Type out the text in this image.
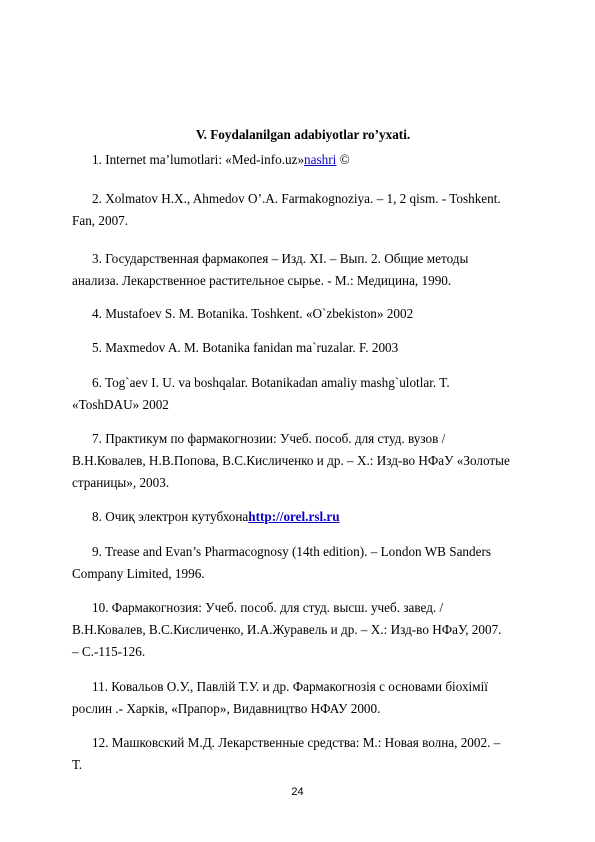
V. Foydalanilgan adabiyotlar ro’yxati.
1. Internet ma’lumotlari: «Med-info.uz»nashri ©
2. Xolmatov H.X., Ahmedov O’.A. Farmakognoziya. – 1, 2 qism. - Toshkent.
Fan, 2007.
3. Государственная фармакопея – Изд. XI. – Вып. 2. Общие методы
анализа. Лекарственное растительное сырье. - М.: Медицина, 1990.
4. Mustafoev S. M. Botanika. Toshkent. «O`zbekiston» 2002
5. Maxmedov A. M. Botanika fanidan ma`ruzalar. F. 2003
6. Tog`aev I. U. va boshqalar. Botanikadan amaliy mashg`ulotlar. T.
«ToshDAU» 2002
7. Практикум по фармакогнозии: Учеб. пособ. для студ. вузов /
В.Н.Ковалев, Н.В.Попова, В.С.Кисличенко и др. – Х.: Изд-во НФаУ «Золотые
страницы», 2003.
8. Очиқ электрон кутубхонаhttp://orel.rsl.ru
9. Trease and Evan’s Pharmacognosy (14th edition). – London WB Sanders
Company Limited, 1996.
10. Фармакогнозия: Учеб. пособ. для студ. высш. учеб. завед. /
В.Н.Ковалев, В.С.Кисличенко, И.А.Журавель и др. – Х.: Изд-во НФаУ, 2007.
– С.-115-126.
11. Ковальов О.У., Павлій Т.У. и др. Фармакогнозія с основами біохімії
рослин .- Харків, «Прапор», Видавництво НФАУ 2000.
12. Машковский М.Д. Лекарственные средства: М.: Новая волна, 2002. –
Т.
24
